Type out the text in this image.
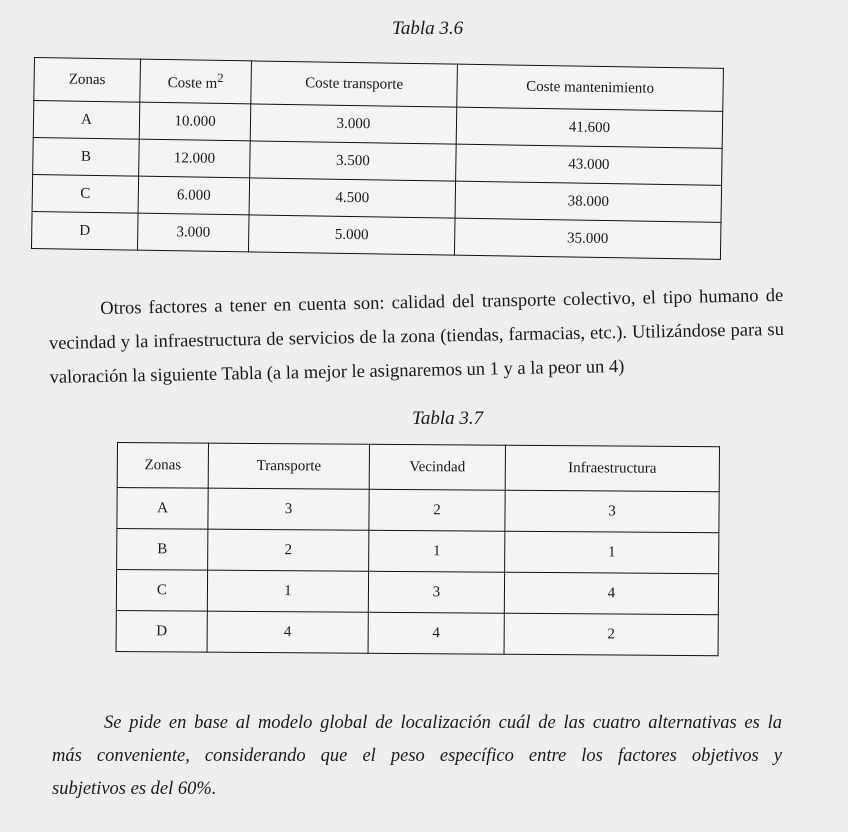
Tabla 3.6
Zonas	Coste $m^2$	Coste transporte	Coste mantenimiento
A	10.000	3.000	41.600
B	12.000	3.500	43.000
C	6.000	4.500	38.000
D	3.000	5.000	35.000
Otros factores a tener en cuenta son: calidad del transporte colectivo, el tipo humano de vecindad y la infraestructura de servicios de la zona (tiendas, farmacias, etc.). Utilizándose para su valoración la siguiente Tabla (a la mejor le asignaremos un 1 y a la peor un 4)
Tabla 3.7
Zonas	Transporte	Vecindad	Infraestructura
A	3	2	3
B	2	1	1
C	1	3	4
D	4	4	2
Se pide en base al modelo global de localización cuál de las cuatro alternativas es la
más conveniente, considerando que el peso específico entre los factores objetivos y
subjetivos es del 60%.
